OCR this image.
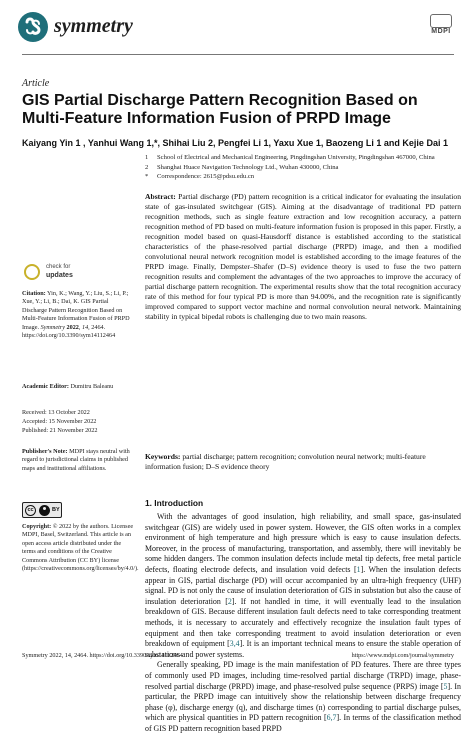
symmetry	MDPI
Article
GIS Partial Discharge Pattern Recognition Based on Multi-Feature Information Fusion of PRPD Image
Kaiyang Yin 1 , Yanhui Wang 1,*, Shihai Liu 2, Pengfei Li 1, Yaxu Xue 1, Baozeng Li 1 and Kejie Dai 1
1	School of Electrical and Mechanical Engineering, Pingdingshan University, Pingdingshan 467000, China
2	Shanghai Huace Navigation Technology Ltd., Wuhan 430000, China
*	Correspondence: 2615@pdsu.edu.cn
Abstract: Partial discharge (PD) pattern recognition is a critical indicator for evaluating the insulation state of gas-insulated switchgear (GIS). Aiming at the disadvantage of traditional PD pattern recognition methods, such as single feature extraction and low recognition accuracy, a pattern recognition method of PD based on multi-feature information fusion is proposed in this paper. Firstly, a recognition model based on quasi-Hausdorff distance is established according to the statistical characteristics of the phase-resolved partial discharge (PRPD) image, and then a modified convolutional neural network recognition model is established according to the image features of the PRPD image. Finally, Dempster–Shafer (D–S) evidence theory is used to fuse the two pattern recognition results and complement the advantages of the two approaches to improve the accuracy of partial discharge pattern recognition. The experimental results show that the total recognition accuracy rate of this method for four typical PD is more than 94.00%, and the recognition rate is significantly improved compared to support vector machine and normal convolution neural network. Maintaining stability in typical bipedal robots is challenging due to two main reasons.
Keywords: partial discharge; pattern recognition; convolution neural network; multi-feature information fusion; D–S evidence theory
check for
updates
Citation: Yin, K.; Wang, Y.; Liu, S.; Li, P.; Xue, Y.; Li, B.; Dai, K. GIS Partial Discharge Pattern Recognition Based on Multi-Feature Information Fusion of PRPD Image. Symmetry 2022, 14, 2464. https://doi.org/10.3390/sym14112464
Academic Editor: Dumitru Baleanu
Received: 13 October 2022
Accepted: 15 November 2022
Published: 21 November 2022
Publisher's Note: MDPI stays neutral with regard to jurisdictional claims in published maps and institutional affiliations.
cc	BY
Copyright: © 2022 by the authors. Licensee MDPI, Basel, Switzerland. This article is an open access article distributed under the terms and conditions of the Creative Commons Attribution (CC BY) license (https://creativecommons.org/licenses/by/4.0/).
1. Introduction

With the advantages of good insulation, high reliability, and small space, gas-insulated switchgear (GIS) are widely used in power system. However, the GIS often works in a complex environment of high temperature and high pressure which is easy to cause insulation defects. Moreover, in the process of manufacturing, transportation, and assembly, there will inevitably be some hidden dangers. The common insulation defects include metal tip defects, free metal particle defects, floating electrode defects, and insulation void defects [1]. When the insulation defects appear in GIS, partial discharge (PD) will occur accompanied by an ultra-high frequency (UHF) signal. PD is not only the cause of insulation deterioration of GIS in substation but also the cause of insulation deterioration [2]. If not handled in time, it will eventually lead to the insulation breakdown of GIS. Because different insulation fault defects need to take corresponding treatment methods, it is necessary to accurately and effectively recognize the insulation fault types of equipment and then take corresponding treatment to avoid insulation deterioration or even breakdown of equipment [3,4]. It is an important technical means to ensure the stable operation of substations and power systems.

Generally speaking, PD image is the main manifestation of PD features. There are three types of commonly used PD images, including time-resolved partial discharge (TRPD) image, phase-resolved partial discharge (PRPD) image, and phase-resolved pulse sequence (PRPS) image [5]. In particular, the PRPD image can intuitively show the relationship between discharge frequency phase (φ), discharge energy (q), and discharge times (n) corresponding to partial discharge pulses, which are physical quantities in PD pattern recognition [6,7]. In terms of the classification method of GIS PD pattern recognition based PRPD

Symmetry 2022, 14, 2464. https://doi.org/10.3390/sym14112464	https://www.mdpi.com/journal/symmetry
